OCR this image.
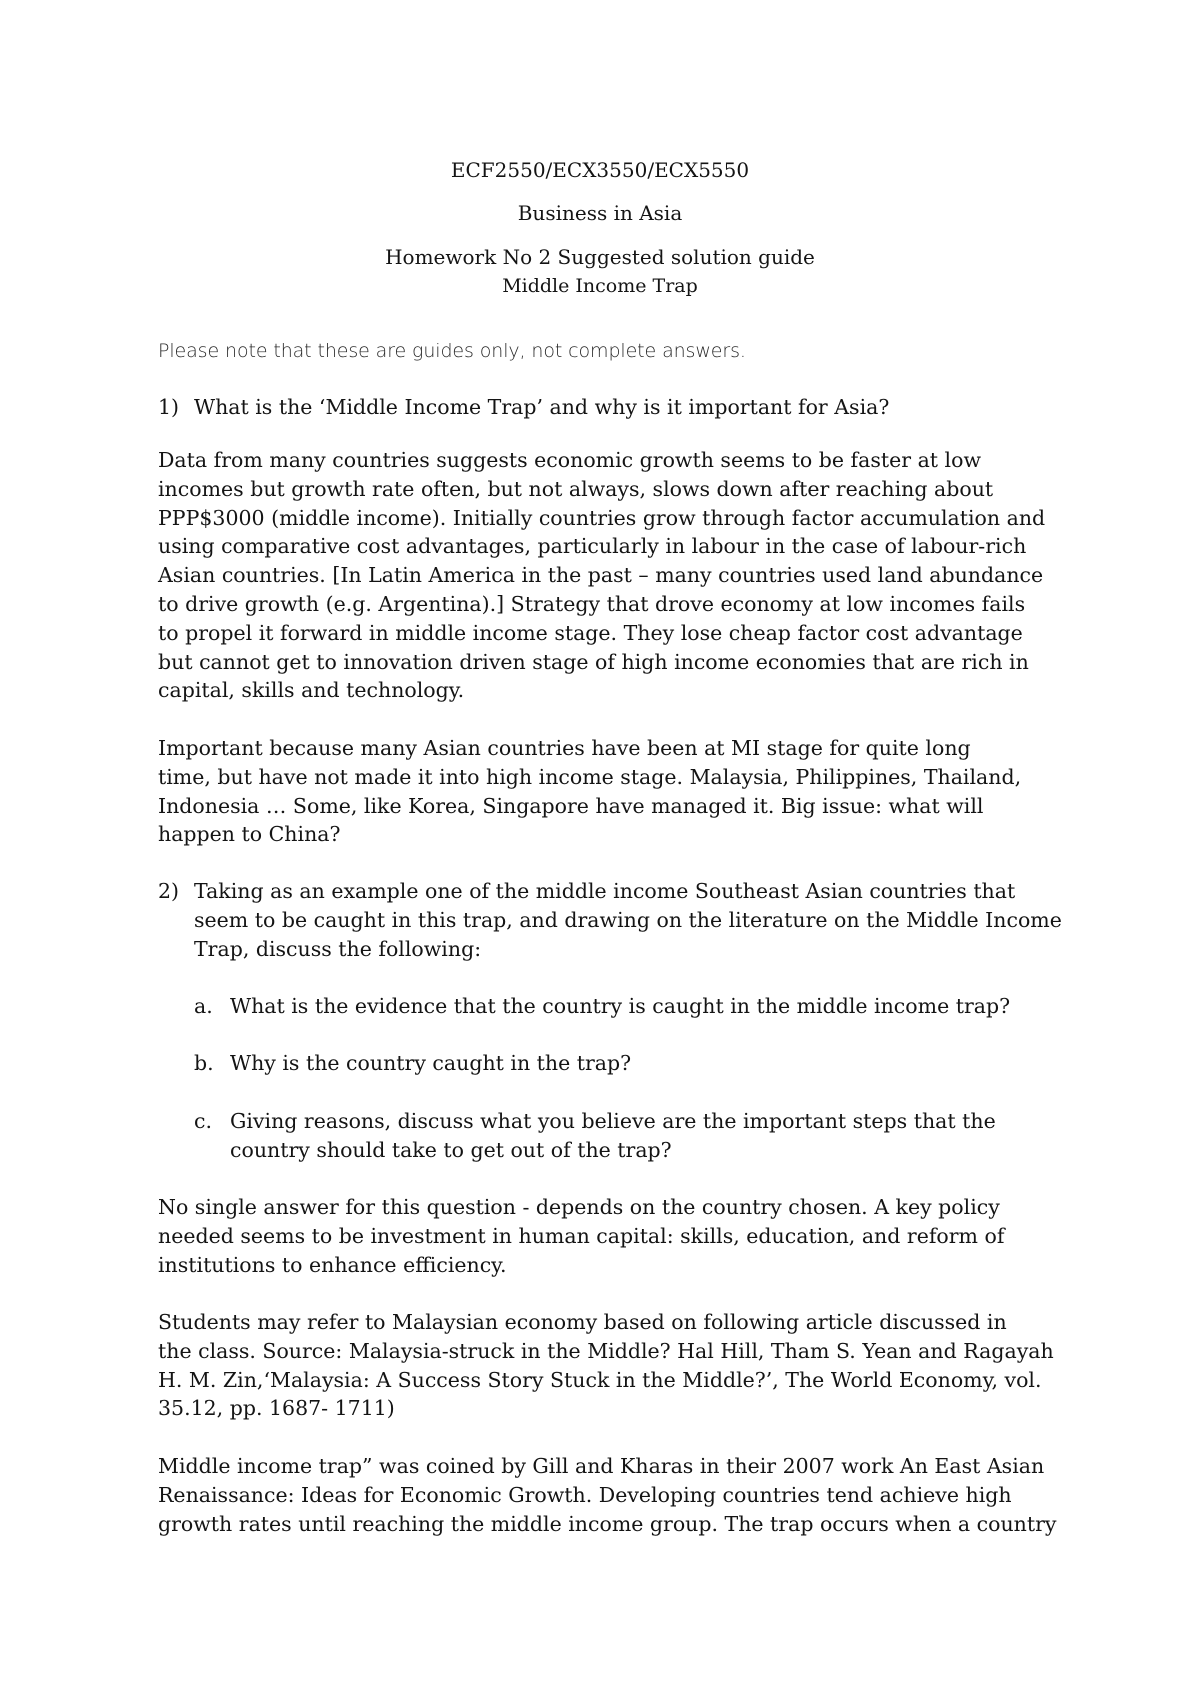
ECF2550/ECX3550/ECX5550
Business in Asia
Homework No 2 Suggested solution guide
Middle Income Trap
Please note that these are guides only, not complete answers.
1) What is the ‘Middle Income Trap’ and why is it important for Asia?
Data from many countries suggests economic growth seems to be faster at low
incomes but growth rate often, but not always, slows down after reaching about
PPP$3000 (middle income). Initially countries grow through factor accumulation and
using comparative cost advantages, particularly in labour in the case of labour-rich
Asian countries. [In Latin America in the past – many countries used land abundance
to drive growth (e.g. Argentina).] Strategy that drove economy at low incomes fails
to propel it forward in middle income stage. They lose cheap factor cost advantage
but cannot get to innovation driven stage of high income economies that are rich in
capital, skills and technology.
Important because many Asian countries have been at MI stage for quite long
time, but have not made it into high income stage. Malaysia, Philippines, Thailand,
Indonesia … Some, like Korea, Singapore have managed it. Big issue: what will
happen to China?
2) Taking as an example one of the middle income Southeast Asian countries that
seem to be caught in this trap, and drawing on the literature on the Middle Income
Trap, discuss the following:
a. What is the evidence that the country is caught in the middle income trap?
b. Why is the country caught in the trap?
c. Giving reasons, discuss what you believe are the important steps that the
country should take to get out of the trap?
No single answer for this question - depends on the country chosen. A key policy
needed seems to be investment in human capital: skills, education, and reform of
institutions to enhance efficiency.
Students may refer to Malaysian economy based on following article discussed in
the class. Source: Malaysia-struck in the Middle? Hal Hill, Tham S. Yean and Ragayah
H. M. Zin,‘Malaysia: A Success Story Stuck in the Middle?’, The World Economy, vol.
35.12, pp. 1687- 1711)
Middle income trap” was coined by Gill and Kharas in their 2007 work An East Asian
Renaissance: Ideas for Economic Growth. Developing countries tend achieve high
growth rates until reaching the middle income group. The trap occurs when a country
